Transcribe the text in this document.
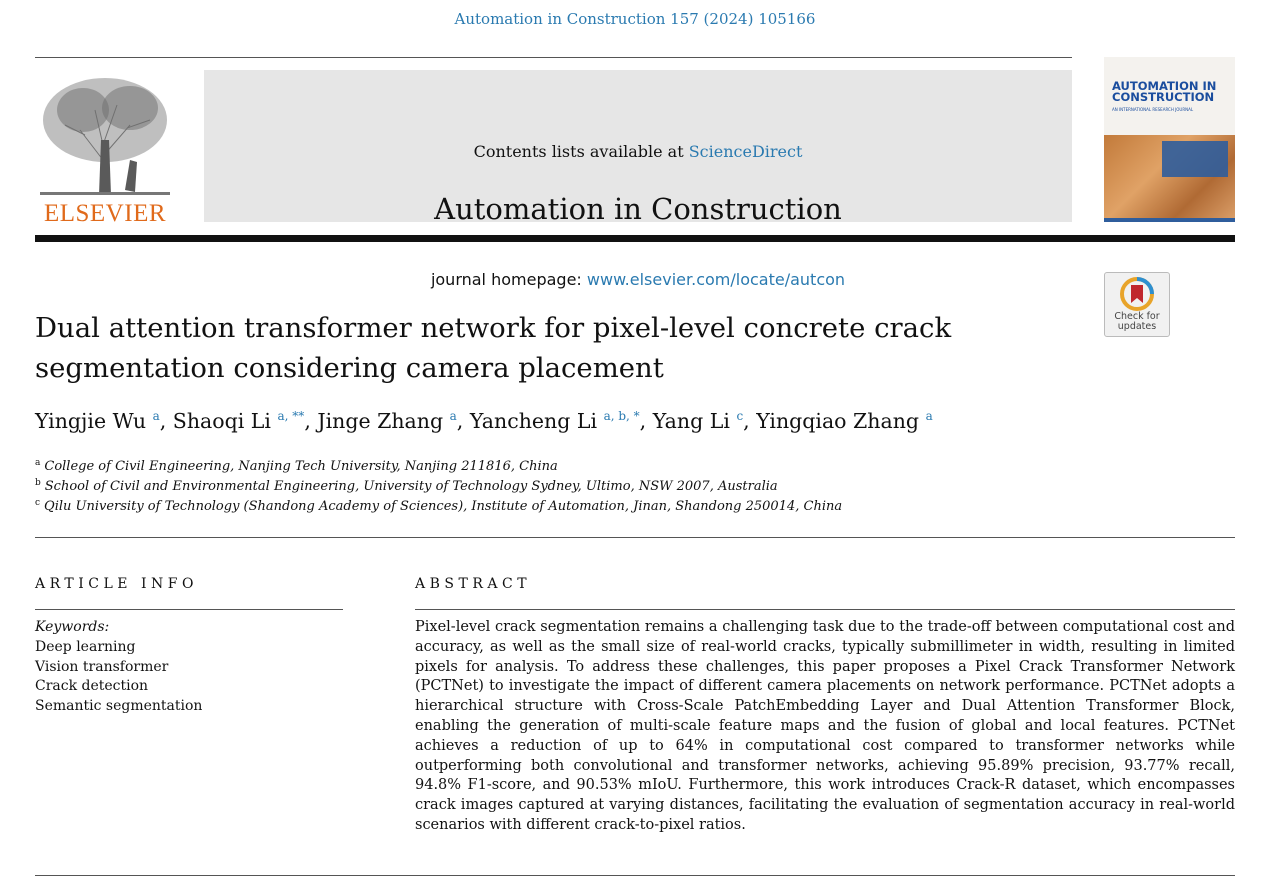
Automation in Construction 157 (2024) 105166
ELSEVIER
Contents lists available at ScienceDirect
Automation in Construction
journal homepage: www.elsevier.com/locate/autcon
AUTOMATION IN CONSTRUCTION
AN INTERNATIONAL RESEARCH JOURNAL
Check for
updates
Dual attention transformer network for pixel-level concrete crack
segmentation considering camera placement
Yingjie Wu $^a$, Shaoqi Li $^{a, **}$, Jinge Zhang $^a$, Yancheng Li $^{a, b, *}$, Yang Li $^c$, Yingqiao Zhang $^a$
$^a$ College of Civil Engineering, Nanjing Tech University, Nanjing 211816, China
$^b$ School of Civil and Environmental Engineering, University of Technology Sydney, Ultimo, NSW 2007, Australia
$^c$ Qilu University of Technology (Shandong Academy of Sciences), Institute of Automation, Jinan, Shandong 250014, China
ARTICLE INFO
Keywords:
Deep learning
Vision transformer
Crack detection
Semantic segmentation
ABSTRACT
Pixel-level crack segmentation remains a challenging task due to the trade-off between computational cost and accuracy, as well as the small size of real-world cracks, typically submillimeter in width, resulting in limited pixels for analysis. To address these challenges, this paper proposes a Pixel Crack Transformer Network (PCTNet) to investigate the impact of different camera placements on network performance. PCTNet adopts a hierarchical structure with Cross-Scale PatchEmbedding Layer and Dual Attention Transformer Block, enabling the generation of multi-scale feature maps and the fusion of global and local features. PCTNet achieves a reduction of up to 64% in computational cost compared to transformer networks while outperforming both convolutional and transformer networks, achieving 95.89% precision, 93.77% recall, 94.8% F1-score, and 90.53% mIoU. Furthermore, this work introduces Crack-R dataset, which encompasses crack images captured at varying distances, facilitating the evaluation of segmentation accuracy in real-world scenarios with different crack-to-pixel ratios.
